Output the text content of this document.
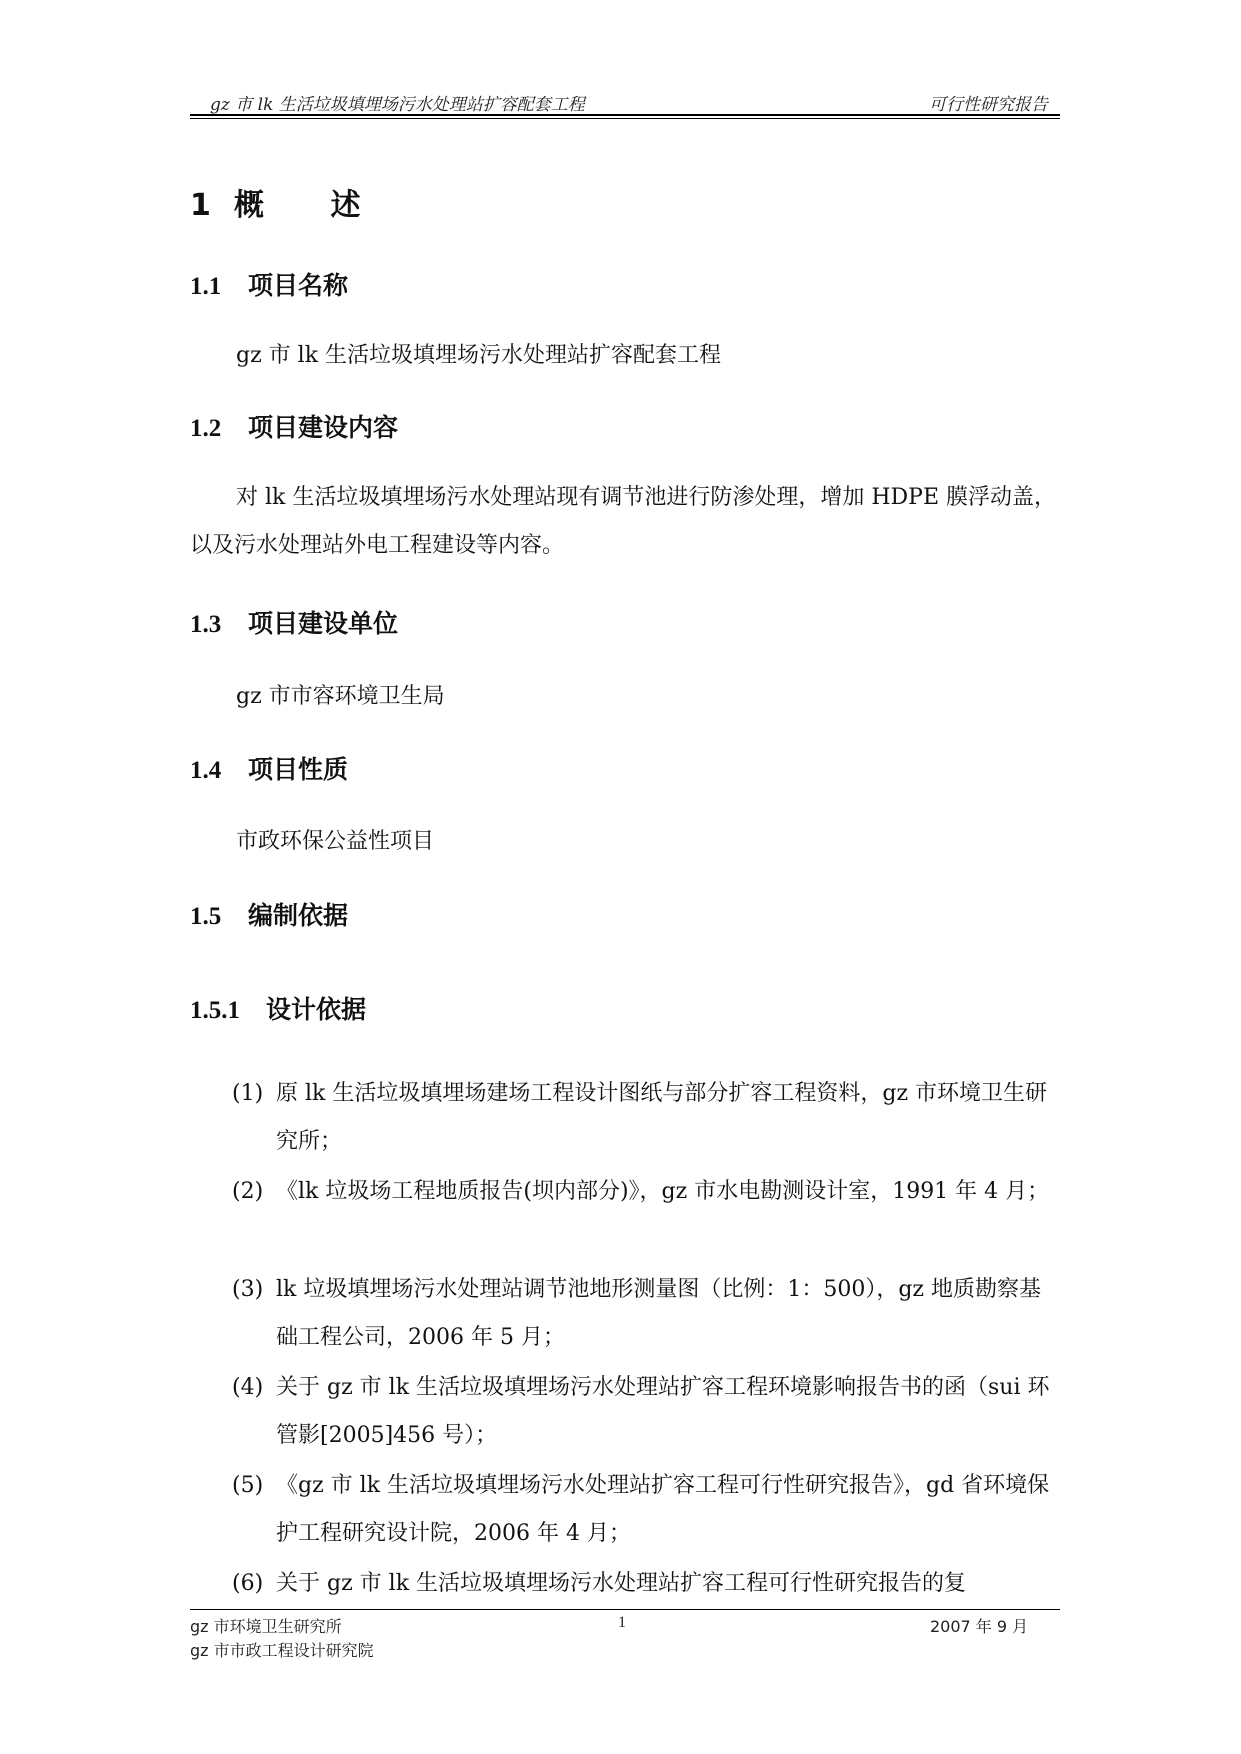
gz 市 lk 生活垃圾填埋场污水处理站扩容配套工程	可行性研究报告
1 概 述
1.1 项目名称
gz 市 lk 生活垃圾填埋场污水处理站扩容配套工程
1.2 项目建设内容
对 lk 生活垃圾填埋场污水处理站现有调节池进行防渗处理，增加 HDPE 膜浮动盖，以及污水处理站外电工程建设等内容。
1.3 项目建设单位
gz 市市容环境卫生局
1.4 项目性质
市政环保公益性项目
1.5 编制依据
1.5.1 设计依据
(1) 原 lk 生活垃圾填埋场建场工程设计图纸与部分扩容工程资料，gz 市环境卫生研究所；
(2) 《lk 垃圾场工程地质报告(坝内部分)》，gz 市水电勘测设计室，1991 年 4 月；
(3) lk 垃圾填埋场污水处理站调节池地形测量图（比例：1：500），gz 地质勘察基础工程公司，2006 年 5 月；
(4) 关于 gz 市 lk 生活垃圾填埋场污水处理站扩容工程环境影响报告书的函（sui 环管影[2005]456 号）；
(5) 《gz 市 lk 生活垃圾填埋场污水处理站扩容工程可行性研究报告》，gd 省环境保护工程研究设计院，2006 年 4 月；
(6) 关于 gz 市 lk 生活垃圾填埋场污水处理站扩容工程可行性研究报告的复
gz 市环境卫生研究所
gz 市市政工程设计研究院
1	2007 年 9 月
